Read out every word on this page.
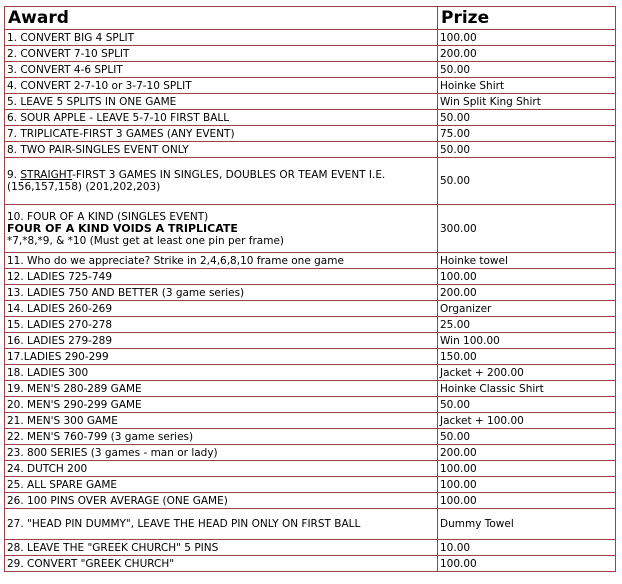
Award	Prize
1. CONVERT BIG 4 SPLIT	100.00
2. CONVERT 7-10 SPLIT	200.00
3. CONVERT 4-6 SPLIT	50.00
4. CONVERT 2-7-10 or 3-7-10 SPLIT	Hoinke Shirt
5. LEAVE 5 SPLITS IN ONE GAME	Win Split King Shirt
6. SOUR APPLE - LEAVE 5-7-10 FIRST BALL	50.00
7. TRIPLICATE-FIRST 3 GAMES (ANY EVENT)	75.00
8. TWO PAIR-SINGLES EVENT ONLY	50.00
9. STRAIGHT-FIRST 3 GAMES IN SINGLES, DOUBLES OR TEAM EVENT I.E. (156,157,158) (201,202,203)	50.00

10. FOUR OF A KIND (SINGLES EVENT)
FOUR OF A KIND VOIDS A TRIPLICATE
*7,*8,*9, & *10 (Must get at least one pin per frame)	300.00
11. Who do we appreciate? Strike in 2,4,6,8,10 frame one game	Hoinke towel
12. LADIES 725-749	100.00
13. LADIES 750 AND BETTER (3 game series)	200.00
14. LADIES 260-269	Organizer
15. LADIES 270-278	25.00
16. LADIES 279-289	Win 100.00
17.LADIES 290-299	150.00
18. LADIES 300	Jacket + 200.00
19. MEN'S 280-289 GAME	Hoinke Classic Shirt
20. MEN'S 290-299 GAME	50.00
21. MEN'S 300 GAME	Jacket + 100.00
22. MEN'S 760-799 (3 game series)	50.00
23. 800 SERIES (3 games - man or lady)	200.00
24. DUTCH 200	100.00
25. ALL SPARE GAME	100.00
26. 100 PINS OVER AVERAGE (ONE GAME)	100.00
27. "HEAD PIN DUMMY", LEAVE THE HEAD PIN ONLY ON FIRST BALL	Dummy Towel
28. LEAVE THE "GREEK CHURCH" 5 PINS	10.00
29. CONVERT "GREEK CHURCH"	100.00
